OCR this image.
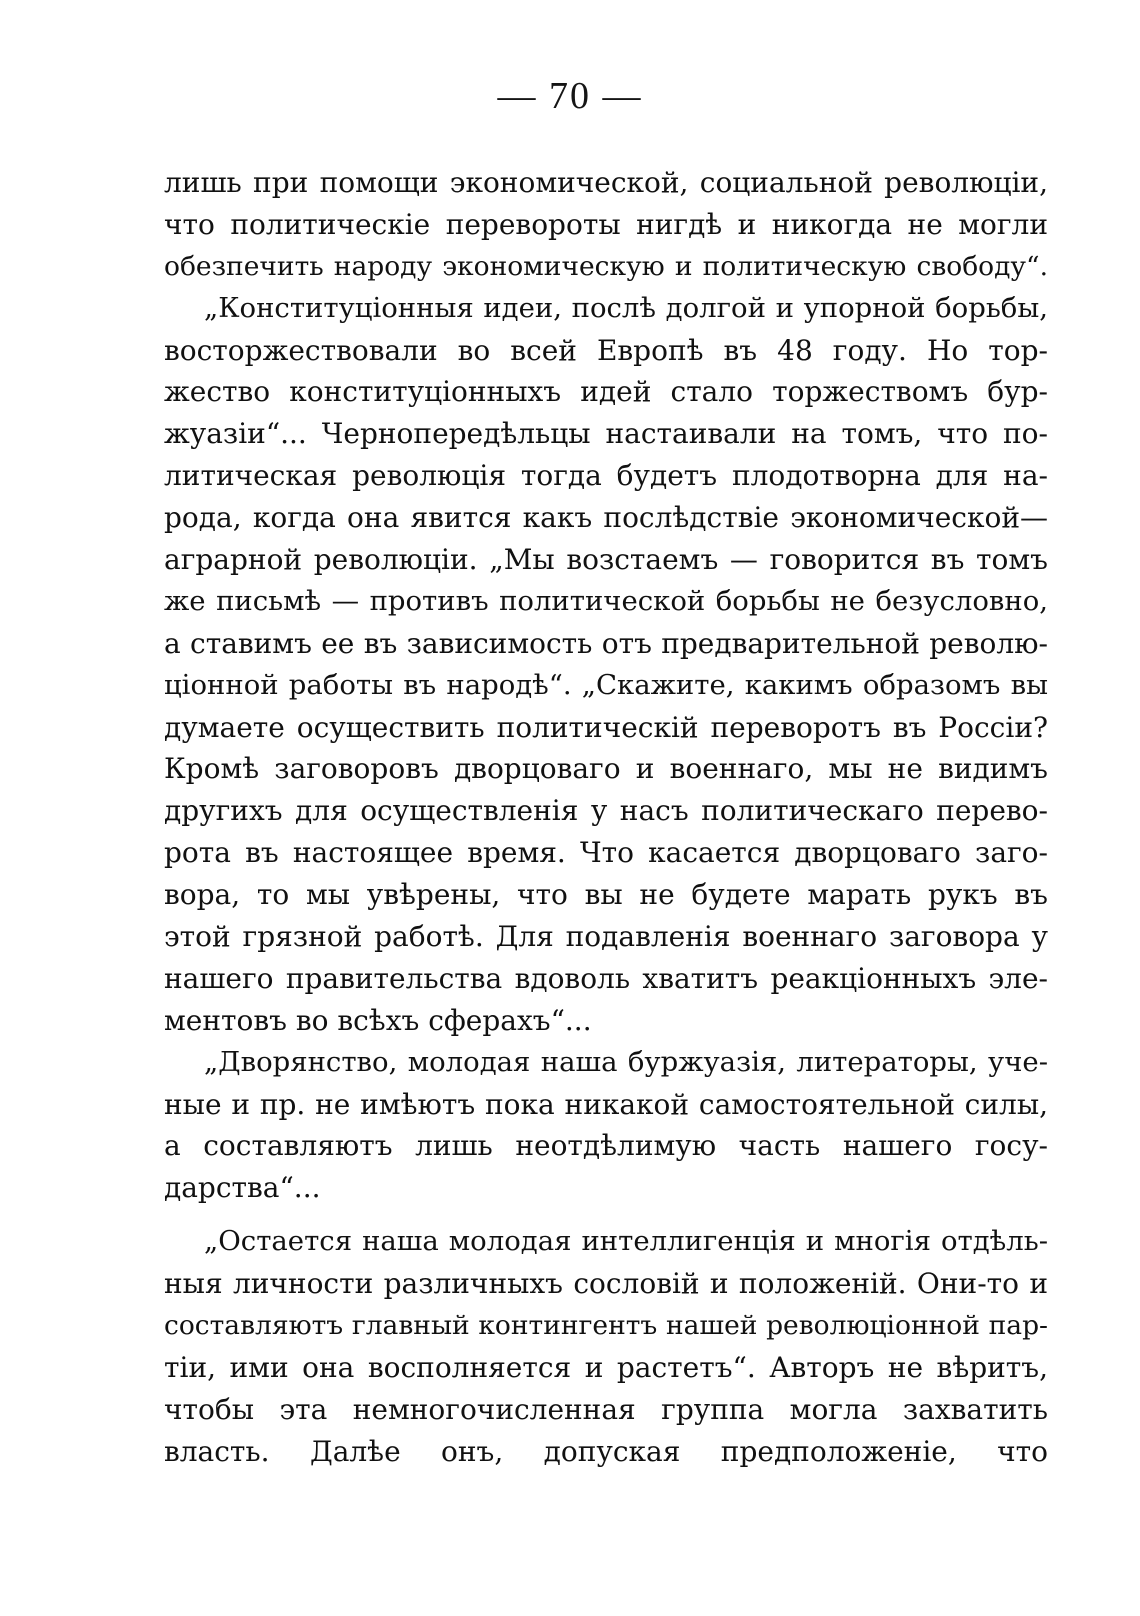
— 70 —
лишь при помощи экономической, социальной революціи,
что политическіе перевороты нигдѣ и никогда не могли
обезпечить народу экономическую и политическую свободу“.
„Конституціонныя идеи, послѣ долгой и упорной борьбы,
восторжествовали во всей Европѣ въ 48 году. Но тор-
жество конституціонныхъ идей стало торжествомъ бур-
жуазіи“... Чернопередѣльцы настаивали на томъ, что по-
литическая революція тогда будетъ плодотворна для на-
рода, когда она явится какъ послѣдствіе экономической—
аграрной революціи. „Мы возстаемъ — говорится въ томъ
же письмѣ — противъ политической борьбы не безусловно,
а ставимъ ее въ зависимость отъ предварительной револю-
ціонной работы въ народѣ“. „Скажите, какимъ образомъ вы
думаете осуществить политическій переворотъ въ Россіи?
Кромѣ заговоровъ дворцоваго и военнаго, мы не видимъ
другихъ для осуществленія у насъ политическаго перево-
рота въ настоящее время. Что касается дворцоваго заго-
вора, то мы увѣрены, что вы не будете марать рукъ въ
этой грязной работѣ. Для подавленія военнаго заговора у
нашего правительства вдоволь хватитъ реакціонныхъ эле-
ментовъ во всѣхъ сферахъ“...
„Дворянство, молодая наша буржуазія, литераторы, уче-
ные и пр. не имѣютъ пока никакой самостоятельной силы,
а составляютъ лишь неотдѣлимую часть нашего госу-
дарства“...
„Остается наша молодая интеллигенція и многія отдѣль-
ныя личности различныхъ сословій и положеній. Они-то и
составляютъ главный контингентъ нашей революціонной пар-
тіи, ими она восполняется и растетъ“. Авторъ не вѣритъ,
чтобы эта немногочисленная группа могла захватить
власть. Далѣе онъ, допуская предположеніе, что
